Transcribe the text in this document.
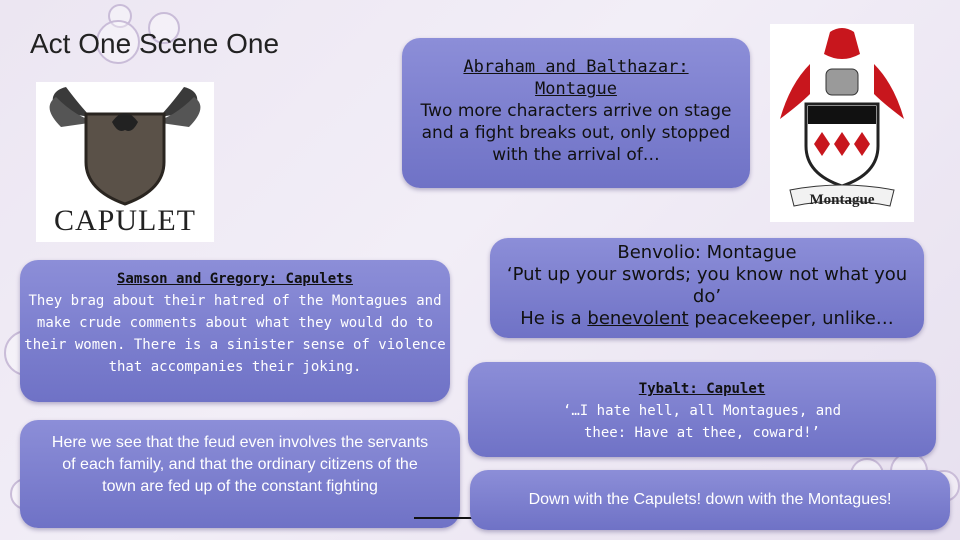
Act One Scene One
CAPULET
Montague
Abraham and Balthazar: Montague
Two more characters arrive on stage and a fight breaks out, only stopped with the arrival of…
Benvolio: Montague
‘Put up your swords; you know not what you do’
He is a benevolent peacekeeper, unlike…
Samson and Gregory: Capulets
They brag about their hatred of the Montagues and make crude comments about what they would do to their women. There is a sinister sense of violence that accompanies their joking.
Here we see that the feud even involves the servants of each family, and that the ordinary citizens of the town are fed up of the constant fighting
Tybalt: Capulet
‘…I hate hell, all Montagues, and thee: Have at thee, coward!’
Down with the Capulets! down with the Montagues!
